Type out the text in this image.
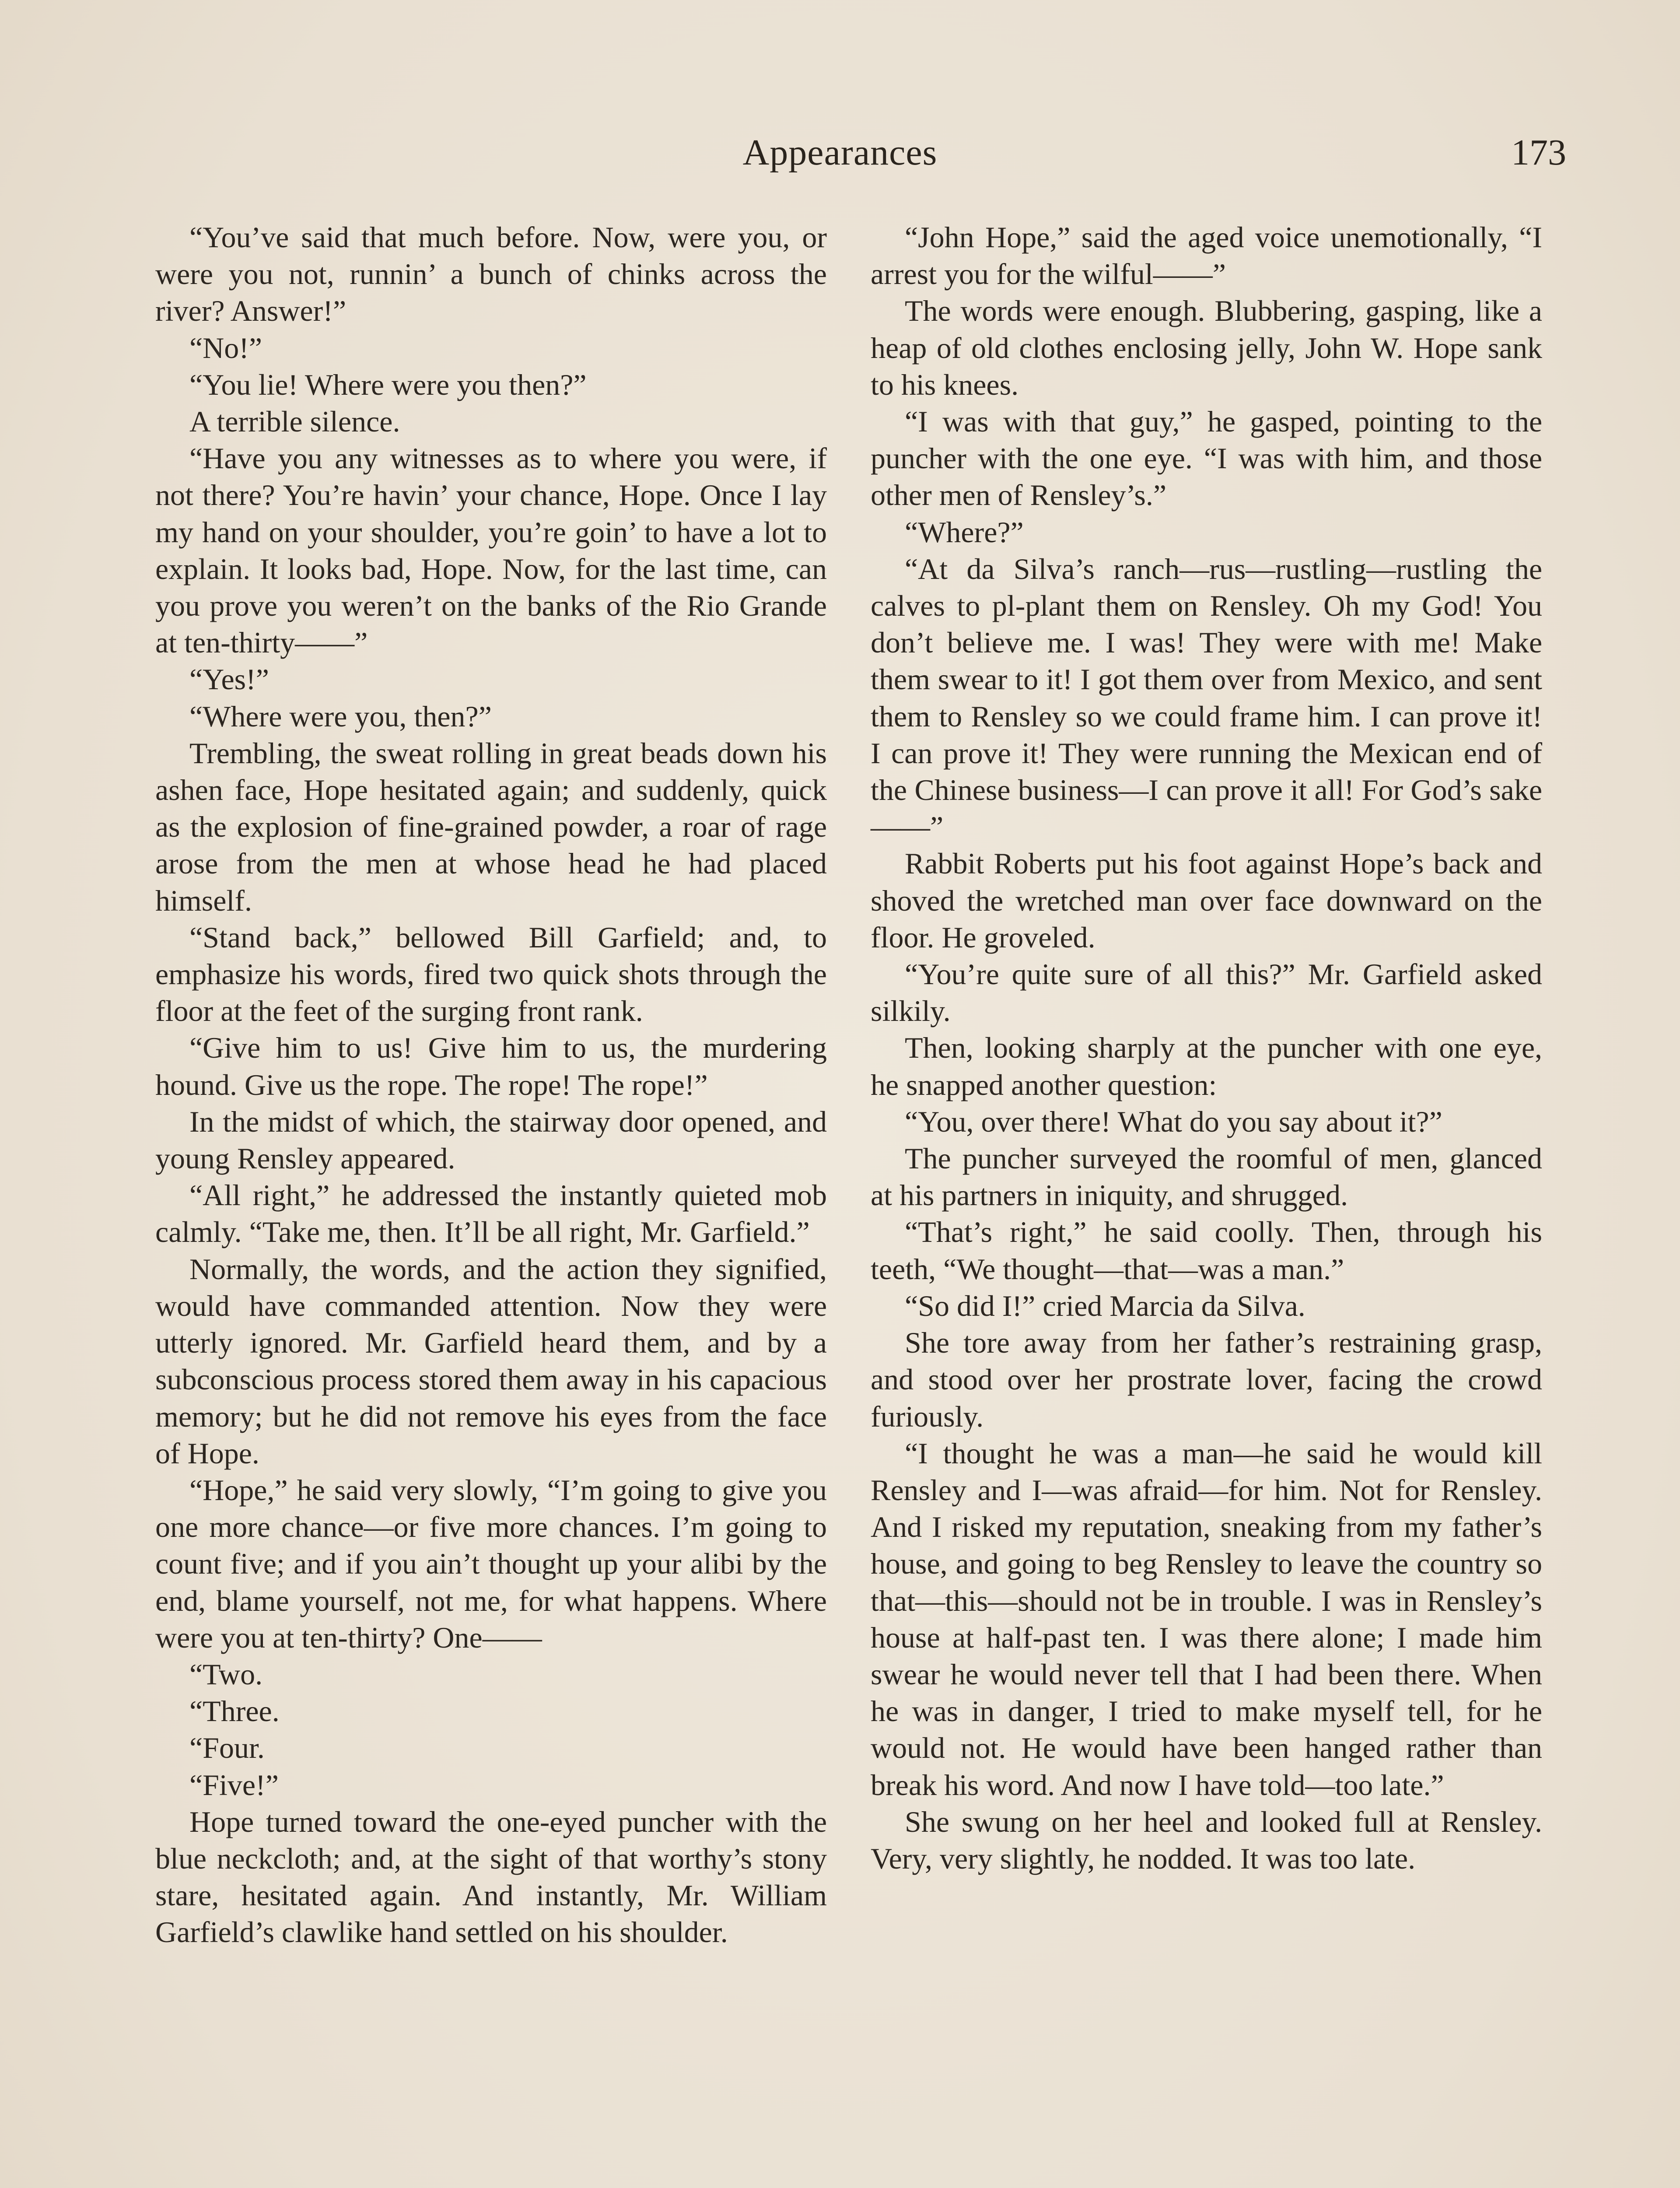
Appearances	173

“You’ve said that much before. Now, were you, or were you not, runnin’ a bunch of chinks across the river? Answer!”

“No!”

“You lie! Where were you then?”

A terrible silence.

“Have you any witnesses as to where you were, if not there? You’re havin’ your chance, Hope. Once I lay my hand on your shoulder, you’re goin’ to have a lot to explain. It looks bad, Hope. Now, for the last time, can you prove you weren’t on the banks of the Rio Grande at ten-thirty——”

“Yes!”

“Where were you, then?”

Trembling, the sweat rolling in great beads down his ashen face, Hope hesitated again; and suddenly, quick as the explosion of fine-grained powder, a roar of rage arose from the men at whose head he had placed himself.

“Stand back,” bellowed Bill Garfield; and, to emphasize his words, fired two quick shots through the floor at the feet of the surging front rank.

“Give him to us! Give him to us, the murdering hound. Give us the rope. The rope! The rope!”

In the midst of which, the stairway door opened, and young Rensley appeared.

“All right,” he addressed the instantly quieted mob calmly. “Take me, then. It’ll be all right, Mr. Garfield.”

Normally, the words, and the action they signified, would have commanded attention. Now they were utterly ignored. Mr. Garfield heard them, and by a subconscious process stored them away in his capacious memory; but he did not remove his eyes from the face of Hope.

“Hope,” he said very slowly, “I’m going to give you one more chance—or five more chances. I’m going to count five; and if you ain’t thought up your alibi by the end, blame yourself, not me, for what happens. Where were you at ten-thirty? One——

“Two.

“Three.

“Four.

“Five!”

Hope turned toward the one-eyed puncher with the blue neckcloth; and, at the sight of that worthy’s stony stare, hesitated again. And instantly, Mr. William Garfield’s clawlike hand settled on his shoulder.

“John Hope,” said the aged voice unemotionally, “I arrest you for the wilful——”

The words were enough. Blubbering, gasping, like a heap of old clothes enclosing jelly, John W. Hope sank to his knees.

“I was with that guy,” he gasped, pointing to the puncher with the one eye. “I was with him, and those other men of Rensley’s.”

“Where?”

“At da Silva’s ranch—rus—rustling—rustling the calves to pl-plant them on Rensley. Oh my God! You don’t believe me. I was! They were with me! Make them swear to it! I got them over from Mexico, and sent them to Rensley so we could frame him. I can prove it! I can prove it! They were running the Mexican end of the Chinese business—I can prove it all! For God’s sake——”

Rabbit Roberts put his foot against Hope’s back and shoved the wretched man over face downward on the floor. He groveled.

“You’re quite sure of all this?” Mr. Garfield asked silkily.

Then, looking sharply at the puncher with one eye, he snapped another question:

“You, over there! What do you say about it?”

The puncher surveyed the roomful of men, glanced at his partners in iniquity, and shrugged.

“That’s right,” he said coolly. Then, through his teeth, “We thought—that—was a man.”

“So did I!” cried Marcia da Silva.

She tore away from her father’s restraining grasp, and stood over her prostrate lover, facing the crowd furiously.

“I thought he was a man—he said he would kill Rensley and I—was afraid—for him. Not for Rensley. And I risked my reputation, sneaking from my father’s house, and going to beg Rensley to leave the country so that—this—should not be in trouble. I was in Rensley’s house at half-past ten. I was there alone; I made him swear he would never tell that I had been there. When he was in danger, I tried to make myself tell, for he would not. He would have been hanged rather than break his word. And now I have told—too late.”

She swung on her heel and looked full at Rensley. Very, very slightly, he nodded. It was too late.
